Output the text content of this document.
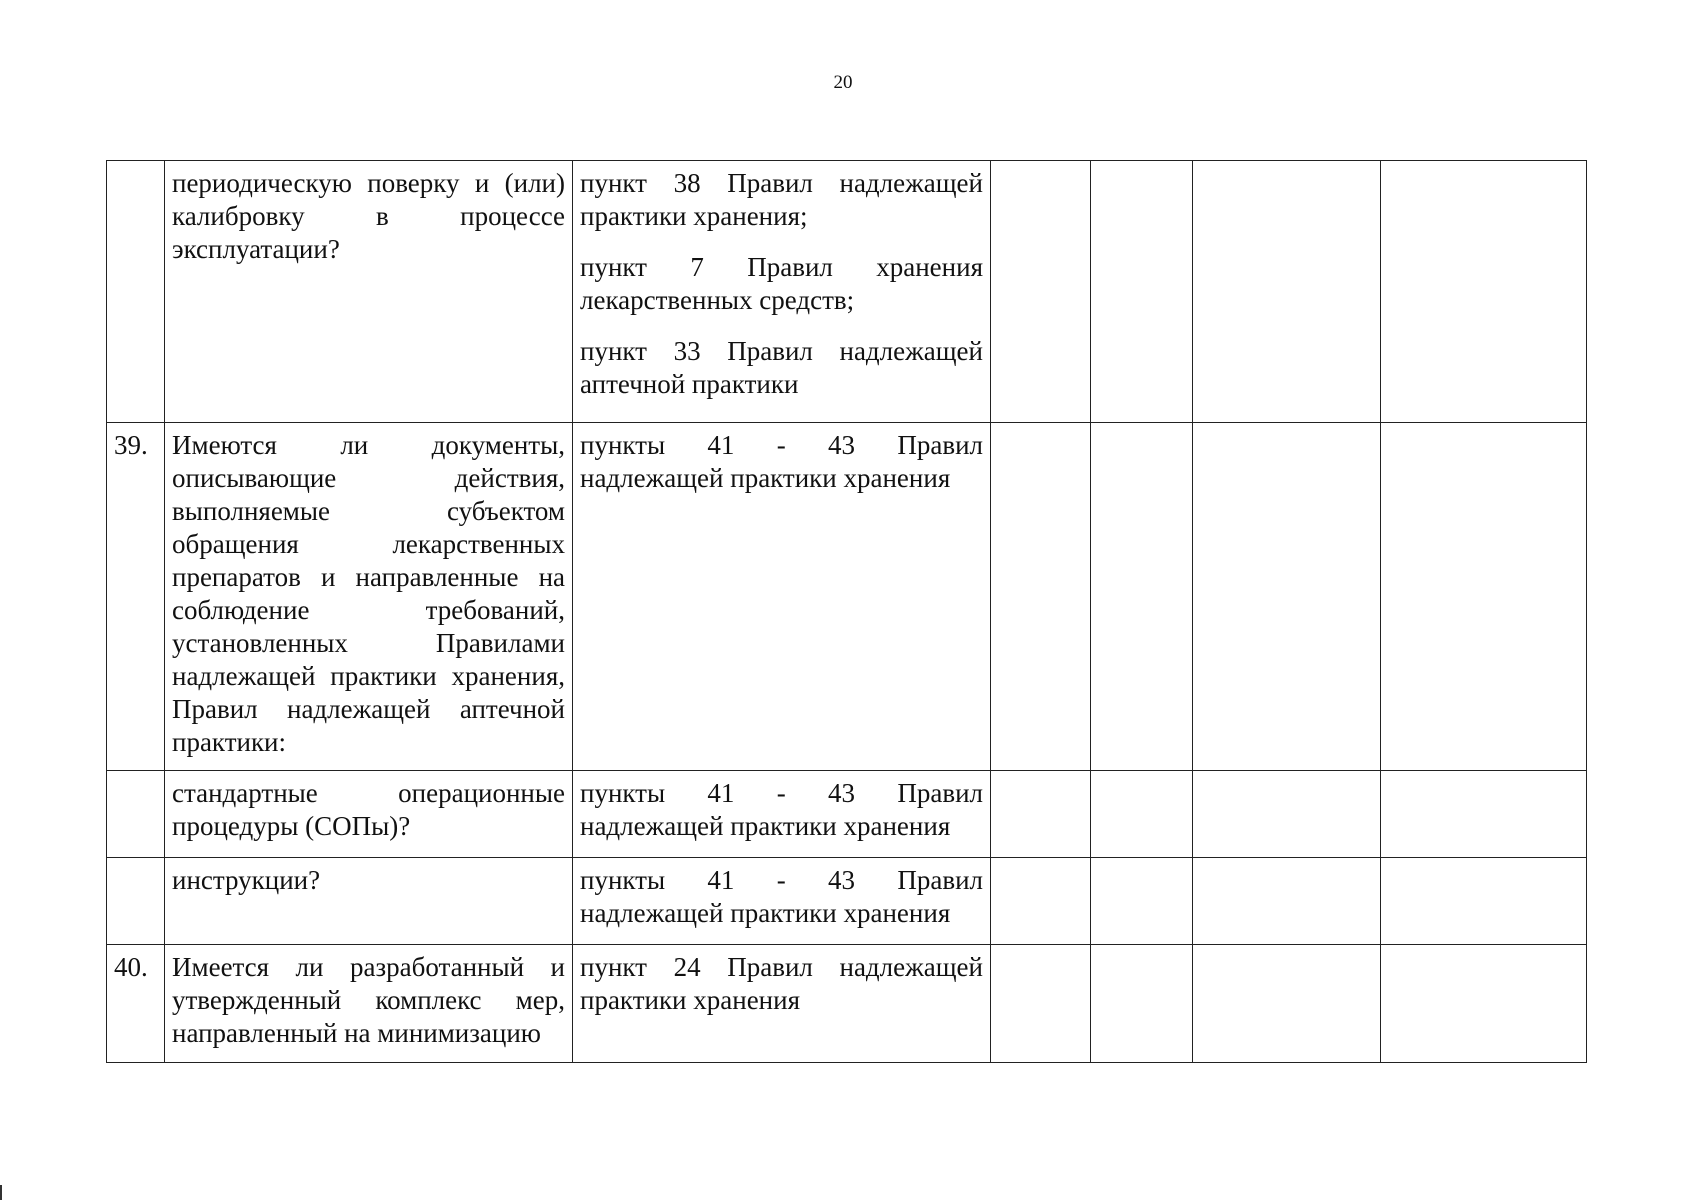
20
	периодическую поверку и (или) калибровку в процессе эксплуатации?	пункт 38 Правил надлежащей практики хранения;

пункт 7 Правил хранения лекарственных средств;

пункт 33 Правил надлежащей аптечной практики				

39.	Имеются ли документы, описывающие действия, выполняемые субъектом обращения лекарственных препаратов и направленные на соблюдение требований, установленных Правилами надлежащей практики хранения, Правил надлежащей аптечной практики:	пункты 41 - 43 Правил надлежащей практики хранения				

	стандартные операционные процедуры (СОПы)?	пункты 41 - 43 Правил надлежащей практики хранения				

	инструкции?	пункты 41 - 43 Правил надлежащей практики хранения				

40.	Имеется ли разработанный и утвержденный комплекс мер, направленный на минимизацию	пункт 24 Правил надлежащей практики хранения				
